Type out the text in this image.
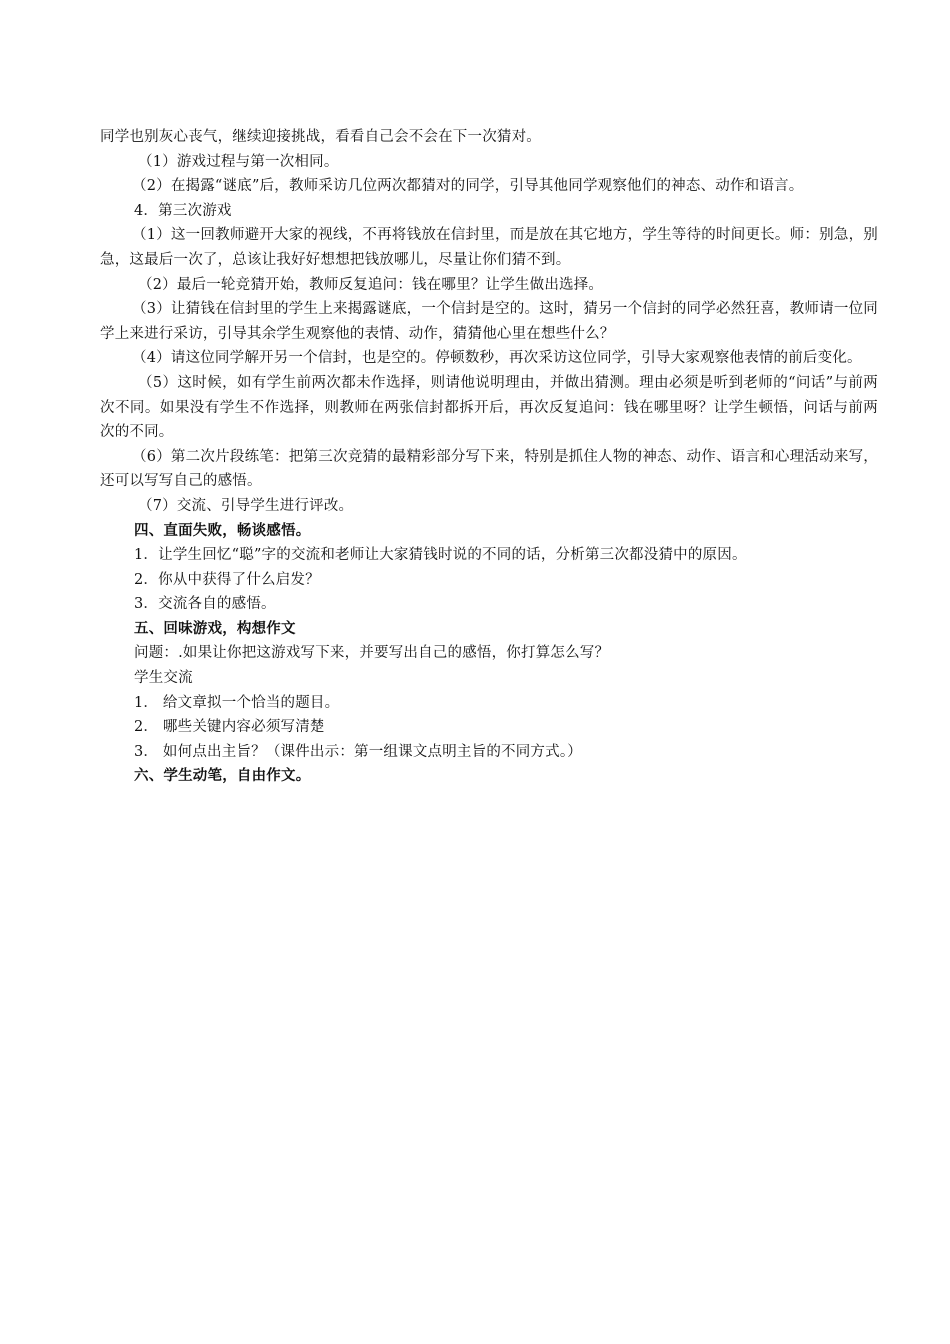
同学也别灰心丧气，继续迎接挑战，看看自己会不会在下一次猜对。

（1）游戏过程与第一次相同。

（2）在揭露“谜底”后，教师采访几位两次都猜对的同学，引导其他同学观察他们的神态、动作和语言。

4．第三次游戏

（1）这一回教师避开大家的视线，不再将钱放在信封里，而是放在其它地方，学生等待的时间更长。师：别急，别急，这最后一次了，总该让我好好想想把钱放哪儿，尽量让你们猜不到。

（2）最后一轮竞猜开始，教师反复追问：钱在哪里？让学生做出选择。

（3）让猜钱在信封里的学生上来揭露谜底，一个信封是空的。这时，猜另一个信封的同学必然狂喜，教师请一位同学上来进行采访，引导其余学生观察他的表情、动作，猜猜他心里在想些什么？

（4）请这位同学解开另一个信封，也是空的。停顿数秒，再次采访这位同学，引导大家观察他表情的前后变化。

（5）这时候，如有学生前两次都未作选择，则请他说明理由，并做出猜测。理由必须是听到老师的“问话”与前两次不同。如果没有学生不作选择，则教师在两张信封都拆开后，再次反复追问：钱在哪里呀？让学生顿悟，问话与前两次的不同。

（6）第二次片段练笔：把第三次竞猜的最精彩部分写下来，特别是抓住人物的神态、动作、语言和心理活动来写，还可以写写自己的感悟。

（7）交流、引导学生进行评改。

四、直面失败，畅谈感悟。

1．让学生回忆“聪”字的交流和老师让大家猜钱时说的不同的话，分析第三次都没猜中的原因。

2．你从中获得了什么启发？

3．交流各自的感悟。

五、回味游戏，构想作文

问题：.如果让你把这游戏写下来，并要写出自己的感悟，你打算怎么写？

学生交流

1． 给文章拟一个恰当的题目。

2． 哪些关键内容必须写清楚

3． 如何点出主旨？（课件出示：第一组课文点明主旨的不同方式。）

六、学生动笔，自由作文。
